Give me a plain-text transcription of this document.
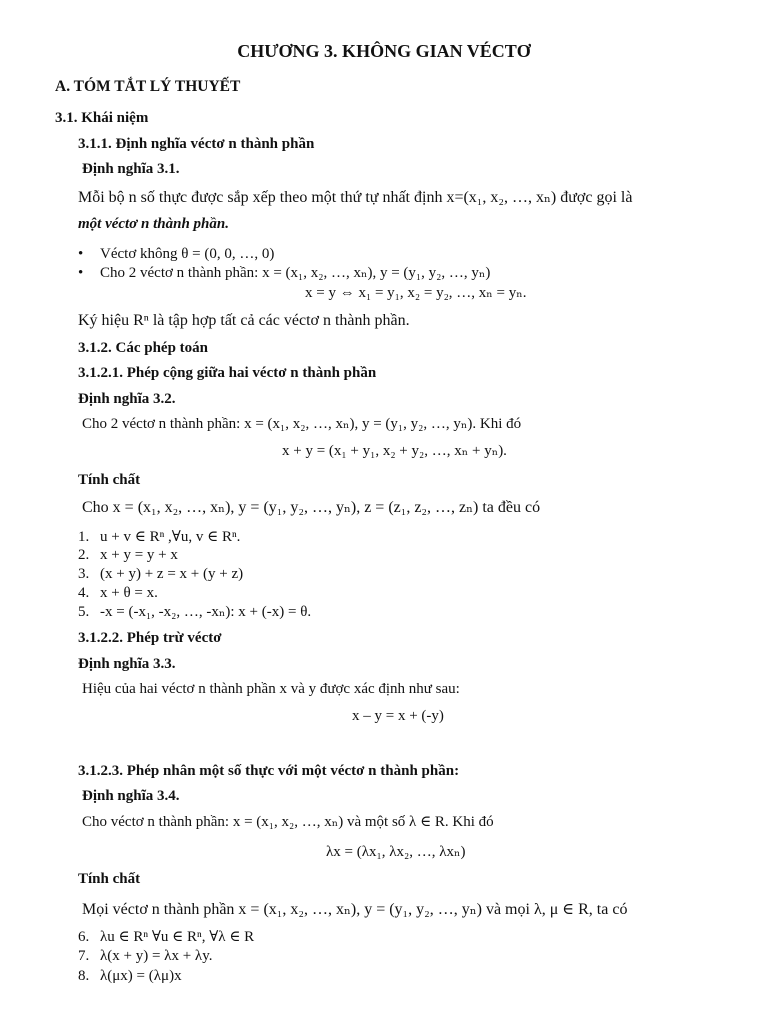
CHƯƠNG 3. KHÔNG GIAN VÉCTƠ
A. TÓM TẮT LÝ THUYẾT
3.1. Khái niệm
3.1.1. Định nghĩa véctơ n thành phần
Định nghĩa 3.1.
Mỗi bộ n số thực được sắp xếp theo một thứ tự nhất định x=(x₁, x₂, …, xₙ) được gọi là
một véctơ n thành phần.
• Véctơ không θ = (0, 0, …, 0)
• Cho 2 véctơ n thành phần: x = (x₁, x₂, …, xₙ), y = (y₁, y₂, …, yₙ)
x = y ⇔ x₁ = y₁, x₂ = y₂, …, xₙ = yₙ.
Ký hiệu Rⁿ là tập hợp tất cả các véctơ n thành phần.
3.1.2. Các phép toán
3.1.2.1. Phép cộng giữa hai véctơ n thành phần
Định nghĩa 3.2.
Cho 2 véctơ n thành phần: x = (x₁, x₂, …, xₙ), y = (y₁, y₂, …, yₙ). Khi đó
x + y = (x₁ + y₁, x₂ + y₂, …, xₙ + yₙ).
Tính chất
Cho x = (x₁, x₂, …, xₙ), y = (y₁, y₂, …, yₙ), z = (z₁, z₂, …, zₙ) ta đều có
1. u + v ∈ Rⁿ ,∀u, v ∈ Rⁿ.
2. x + y = y + x
3. (x + y) + z = x + (y + z)
4. x + θ = x.
5. -x = (-x₁, -x₂, …, -xₙ): x + (-x) = θ.
3.1.2.2. Phép trừ véctơ
Định nghĩa 3.3.
Hiệu của hai véctơ n thành phần x và y được xác định như sau:
x – y = x + (-y)
3.1.2.3. Phép nhân một số thực với một véctơ n thành phần:
Định nghĩa 3.4.
Cho véctơ n thành phần: x = (x₁, x₂, …, xₙ) và một số λ ∈ R. Khi đó
λx = (λx₁, λx₂, …, λxₙ)
Tính chất
Mọi véctơ n thành phần x = (x₁, x₂, …, xₙ), y = (y₁, y₂, …, yₙ) và mọi λ, μ ∈ R, ta có
6. λu ∈ Rⁿ ∀u ∈ Rⁿ, ∀λ ∈ R
7. λ(x + y) = λx + λy.
8. λ(μx) = (λμ)x
